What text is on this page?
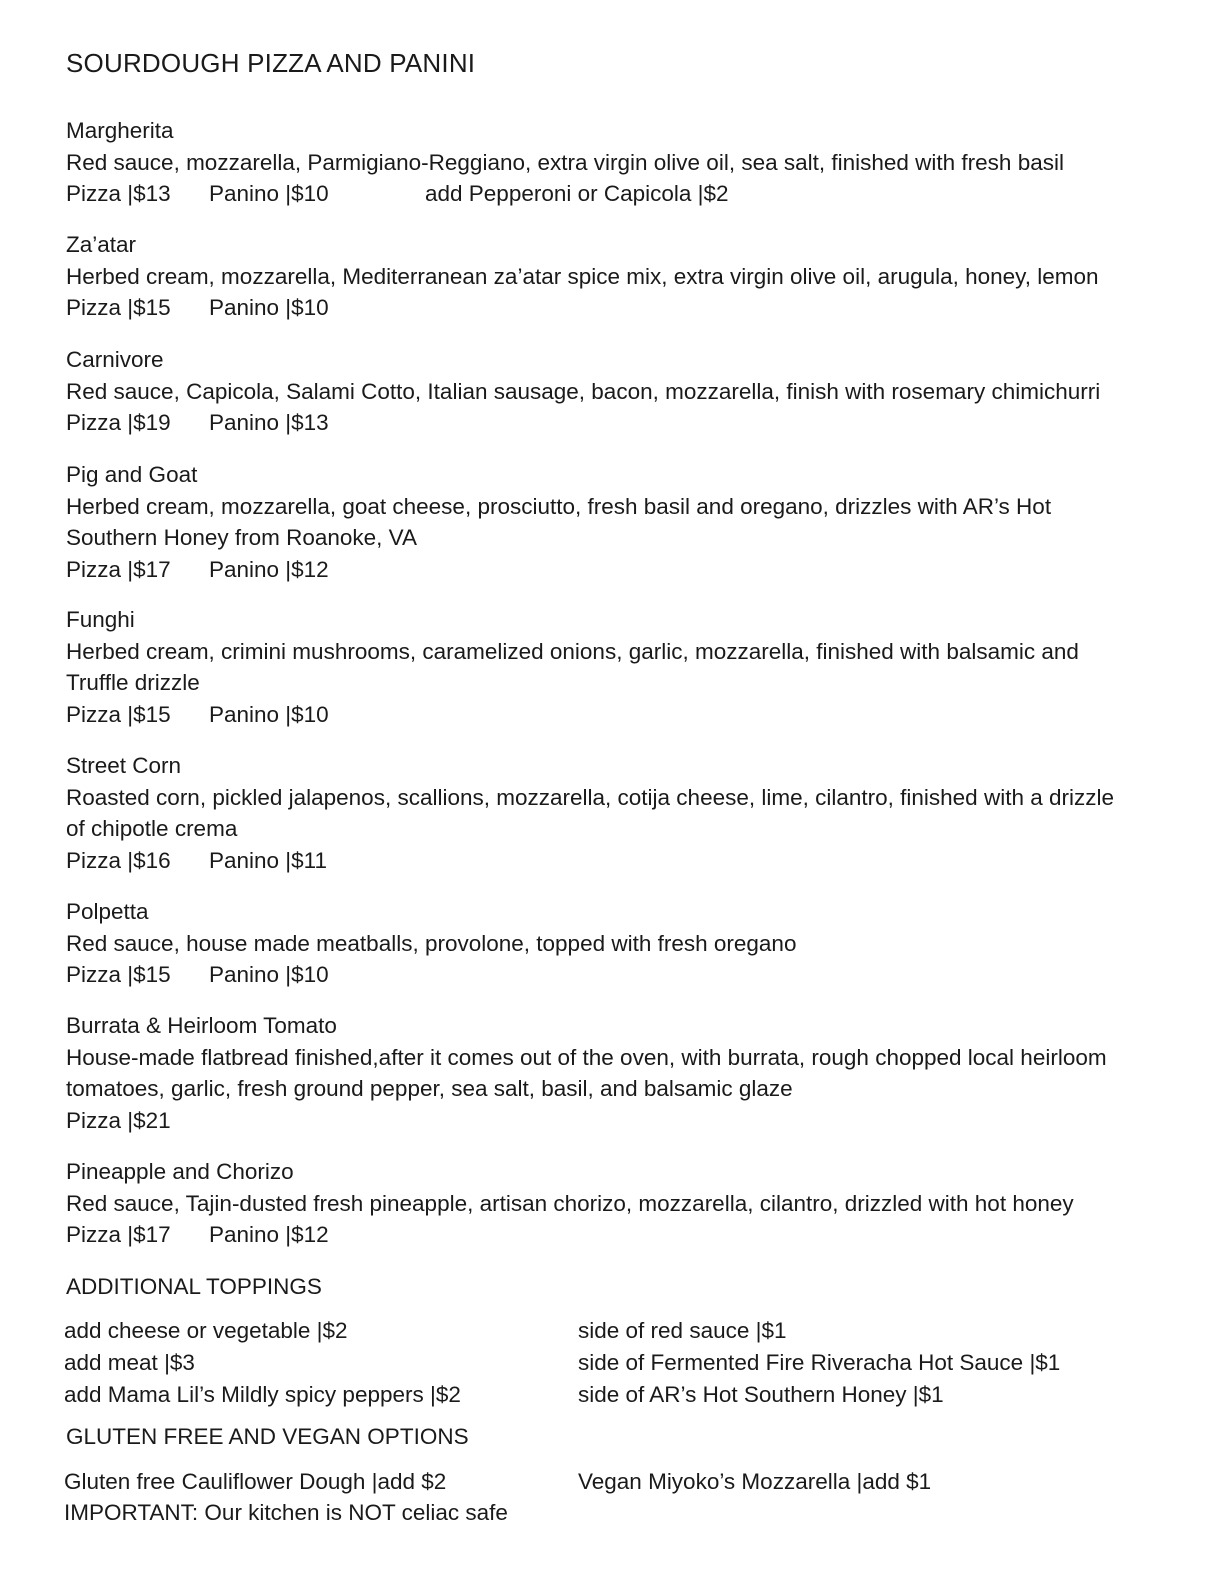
SOURDOUGH PIZZA AND PANINI
Margherita
Red sauce, mozzarella, Parmigiano-Reggiano, extra virgin olive oil, sea salt, finished with fresh basil
Pizza |$13 Panino |$10	add Pepperoni or Capicola |$2
Za’atar
Herbed cream, mozzarella, Mediterranean za’atar spice mix, extra virgin olive oil, arugula, honey, lemon
Pizza |$15 Panino |$10
Carnivore
Red sauce, Capicola, Salami Cotto, Italian sausage, bacon, mozzarella, finish with rosemary chimichurri
Pizza |$19 Panino |$13
Pig and Goat
Herbed cream, mozzarella, goat cheese, prosciutto, fresh basil and oregano, drizzles with AR’s Hot
Southern Honey from Roanoke, VA
Pizza |$17 Panino |$12
Funghi
Herbed cream, crimini mushrooms, caramelized onions, garlic, mozzarella, finished with balsamic and
Truffle drizzle
Pizza |$15 Panino |$10
Street Corn
Roasted corn, pickled jalapenos, scallions, mozzarella, cotija cheese, lime, cilantro, finished with a drizzle
of chipotle crema
Pizza |$16 Panino |$11
Polpetta
Red sauce, house made meatballs, provolone, topped with fresh oregano
Pizza |$15 Panino |$10
Burrata & Heirloom Tomato
House-made flatbread finished,after it comes out of the oven, with burrata, rough chopped local heirloom
tomatoes, garlic, fresh ground pepper, sea salt, basil, and balsamic glaze
Pizza |$21
Pineapple and Chorizo
Red sauce, Tajin-dusted fresh pineapple, artisan chorizo, mozzarella, cilantro, drizzled with hot honey
Pizza |$17 Panino |$12
ADDITIONAL TOPPINGS
add cheese or vegetable |$2
add meat |$3
add Mama Lil’s Mildly spicy peppers |$2
side of red sauce |$1
side of Fermented Fire Riveracha Hot Sauce |$1
side of AR’s Hot Southern Honey |$1
GLUTEN FREE AND VEGAN OPTIONS
Gluten free Cauliflower Dough |add $2
IMPORTANT: Our kitchen is NOT celiac safe
Vegan Miyoko’s Mozzarella |add $1
